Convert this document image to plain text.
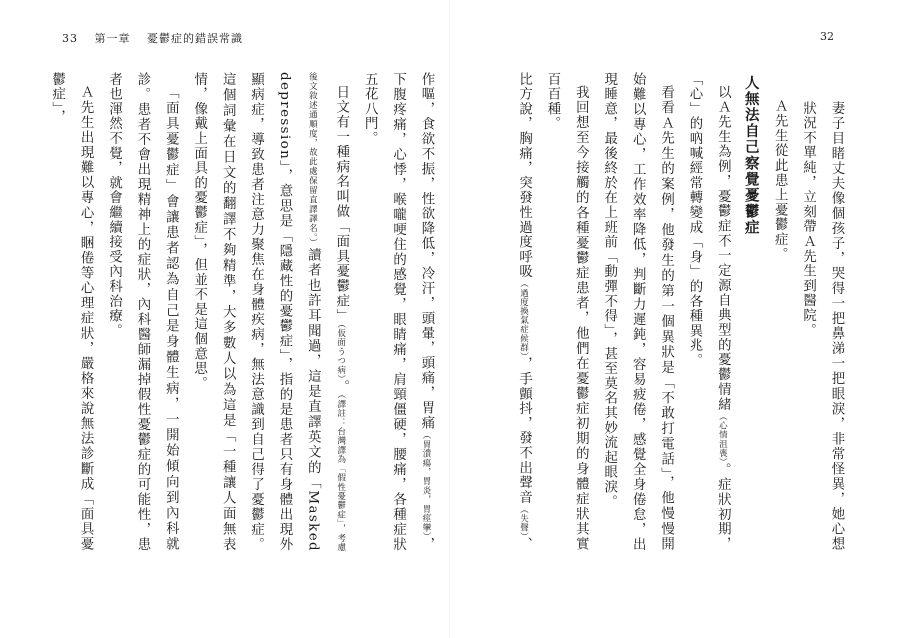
33 第一章 憂鬱症的錯誤常識	32

妻子目睹丈夫像個孩子，哭得一把鼻涕一把眼淚，非常怪異，她心想狀況不單純，立刻帶Ａ先生到醫院。

Ａ先生從此患上憂鬱症。

人無法自己察覺憂鬱症

以Ａ先生為例，憂鬱症不一定源自典型的憂鬱情緒（心情沮喪）。症狀初期，「心」的吶喊經常轉變成「身」的各種異兆。

看看Ａ先生的案例，他發生的第一個異狀是「不敢打電話」，他慢慢開始難以專心，工作效率降低，判斷力遲鈍，容易疲倦，感覺全身倦怠，出現睡意，最後終於在上班前「動彈不得」，甚至莫名其妙流起眼淚。

我回想至今接觸的各種憂鬱症患者，他們在憂鬱症初期的身體症狀其實百百種。

比方說，胸痛，突發性過度呼吸（過度換氣症候群），手顫抖，發不出聲音（失聲）、

作嘔，食欲不振，性欲降低，冷汗，頭暈，頭痛，胃痛（胃潰瘍，胃炎，胃痙攣），下腹疼痛，心悸，喉嚨哽住的感覺，眼睛痛，肩頸僵硬，腰痛，各種症狀五花八門。

日文有一種病名叫做「面具憂鬱症」（仮面うつ病）。（譯註：台灣譯為「假性憂鬱症」，考慮後文敘述通順度，故此處保留直譯譯名。）讀者也許耳聞過，這是直譯英文的「Masked depression」，意思是「隱藏性的憂鬱症」，指的是患者只有身體出現外顯病症，導致患者注意力聚焦在身體疾病，無法意識到自己得了憂鬱症。這個詞彙在日文的翻譯不夠精準，大多數人以為這是「一種讓人面無表情，像戴上面具的憂鬱症」，但並不是這個意思。

「面具憂鬱症」會讓患者認為自己是身體生病，一開始傾向到內科就診。患者不會出現精神上的症狀，內科醫師漏掉假性憂鬱症的可能性，患者也渾然不覺，就會繼續接受內科治療。

Ａ先生出現難以專心，睏倦等心理症狀，嚴格來說無法診斷成「面具憂鬱症」，
